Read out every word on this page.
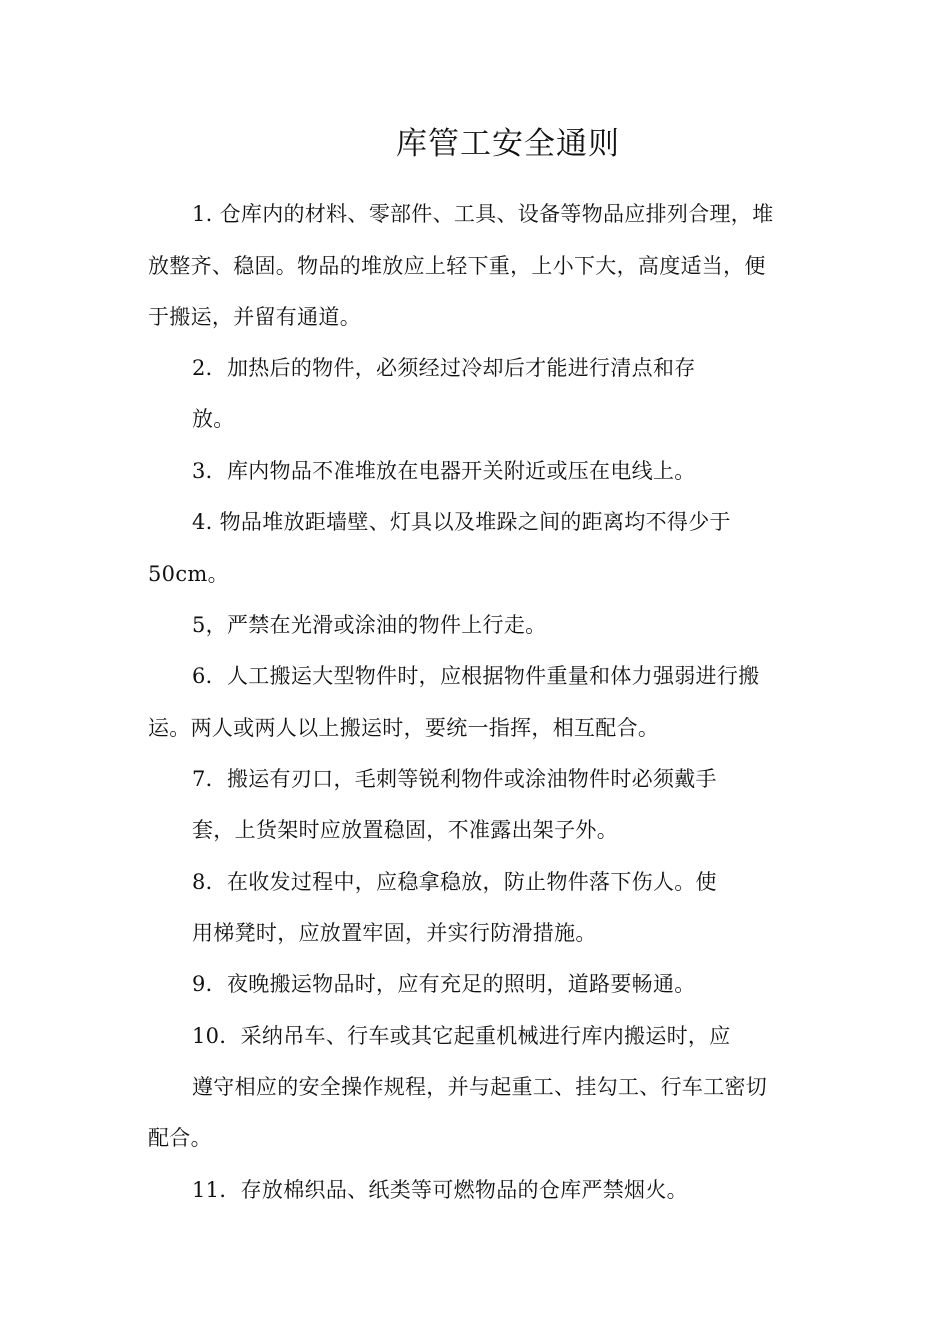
库管工安全通则
1. 仓库内的材料、零部件、工具、设备等物品应排列合理，堆
放整齐、稳固。物品的堆放应上轻下重，上小下大，高度适当，便
于搬运，并留有通道。
2．加热后的物件，必须经过冷却后才能进行清点和存
放。
3．库内物品不准堆放在电器开关附近或压在电线上。
4. 物品堆放距墙壁、灯具以及堆跺之间的距离均不得少于
50cm。
5，严禁在光滑或涂油的物件上行走。
6．人工搬运大型物件时，应根据物件重量和体力强弱进行搬
运。两人或两人以上搬运时，要统一指挥，相互配合。
7．搬运有刃口，毛刺等锐利物件或涂油物件时必须戴手
套，上货架时应放置稳固，不准露出架子外。
8．在收发过程中，应稳拿稳放，防止物件落下伤人。使
用梯凳时，应放置牢固，并实行防滑措施。
9．夜晚搬运物品时，应有充足的照明，道路要畅通。
10．采纳吊车、行车或其它起重机械进行库内搬运时，应
遵守相应的安全操作规程，并与起重工、挂勾工、行车工密切
配合。
11．存放棉织品、纸类等可燃物品的仓库严禁烟火。
